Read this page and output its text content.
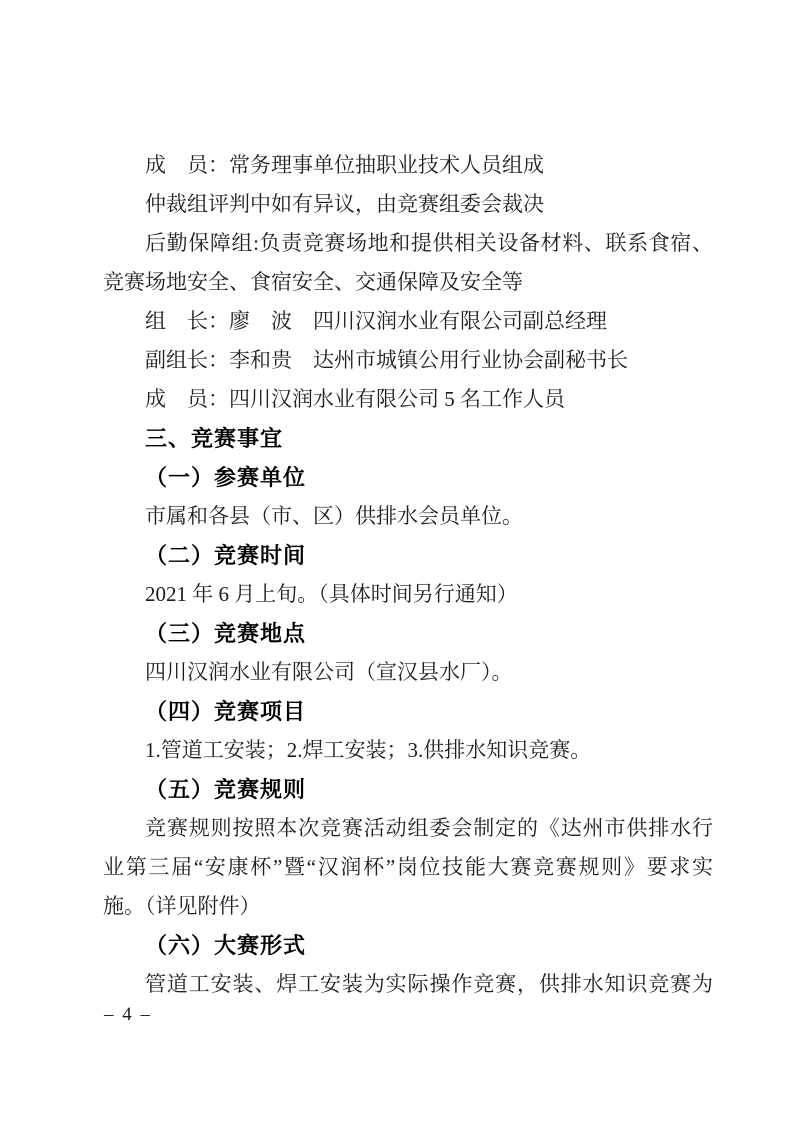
成　员：常务理事单位抽职业技术人员组成
仲裁组评判中如有异议，由竞赛组委会裁决
后勤保障组:负责竞赛场地和提供相关设备材料、联系食宿、
竞赛场地安全、食宿安全、交通保障及安全等
组　长：廖　波　四川汉润水业有限公司副总经理
副组长：李和贵　达州市城镇公用行业协会副秘书长
成　员：四川汉润水业有限公司 5 名工作人员
三、竞赛事宜
（一）参赛单位
市属和各县（市、区）供排水会员单位。
（二）竞赛时间
2021 年 6 月上旬。（具体时间另行通知）
（三）竞赛地点
四川汉润水业有限公司（宣汉县水厂）。
（四）竞赛项目
1.管道工安装；2.焊工安装；3.供排水知识竞赛。
（五）竞赛规则
竞赛规则按照本次竞赛活动组委会制定的《达州市供排水行
业第三届“安康杯”暨“汉润杯”岗位技能大赛竞赛规则》要求实
施。（详见附件）
（六）大赛形式
管道工安装、焊工安装为实际操作竞赛，供排水知识竞赛为
– 4 –
